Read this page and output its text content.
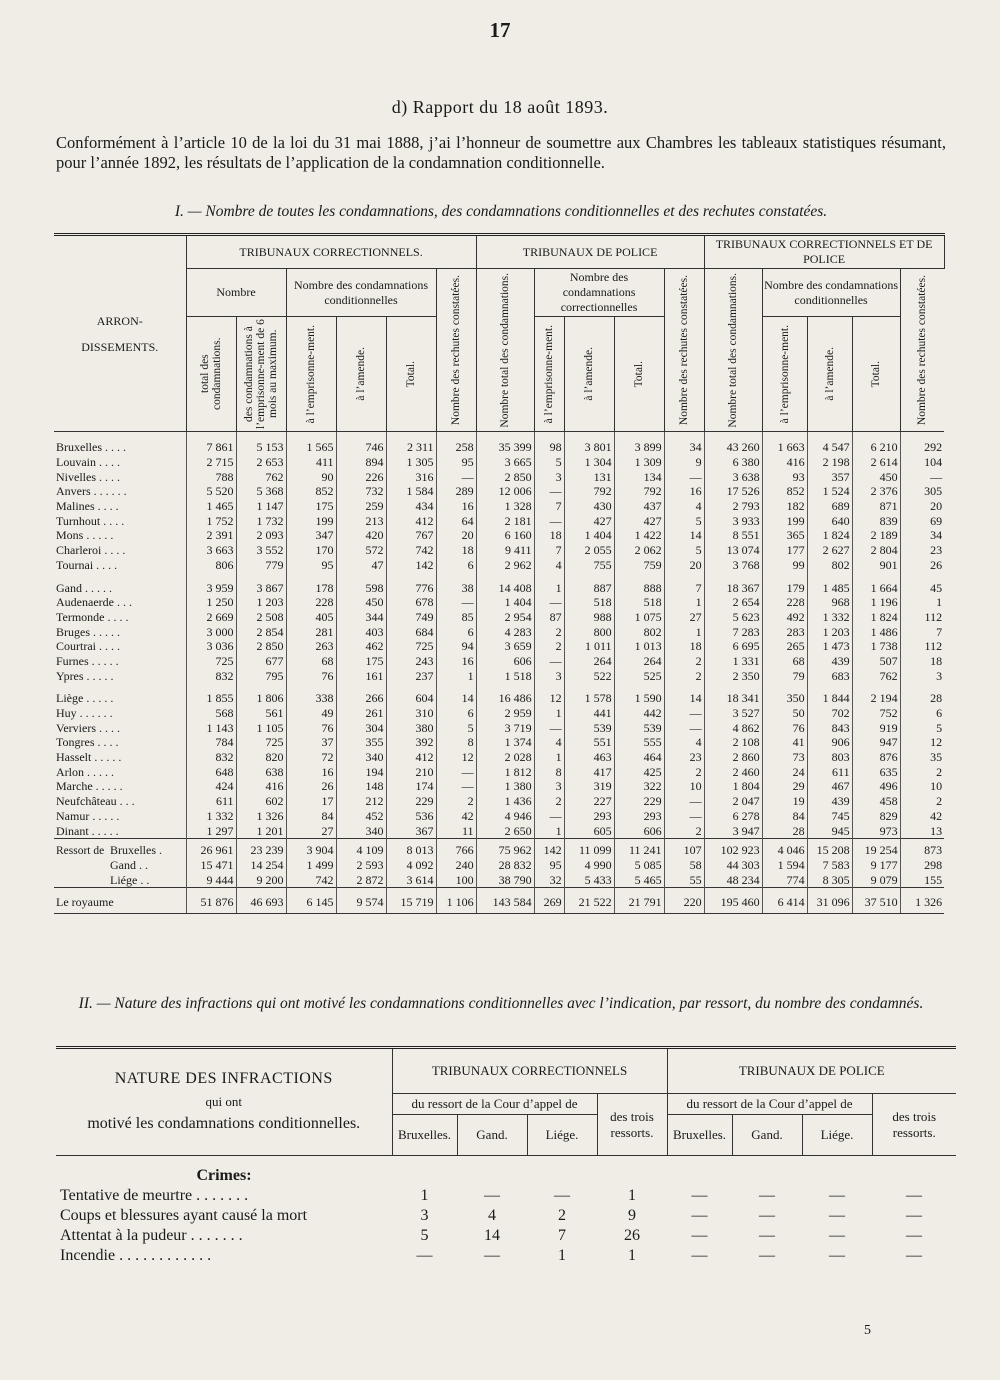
17
d) Rapport du 18 août 1893.
Conformément à l’article 10 de la loi du 31 mai 1888, j’ai l’honneur de soumettre aux Chambres les tableaux statistiques résumant, pour l’année 1892, les résultats de l’application de la condamnation conditionnelle.
I. — Nombre de toutes les condamnations, des condamnations conditionnelles et des rechutes constatées.
ARRON-
DISSEMENTS.	TRIBUNAUX CORRECTIONNELS.						TRIBUNAUX DE POLICE					TRIBUNAUX CORRECTIONNELS ET DE POLICE				
	Nombre		Nombre des condamnations conditionnelles			Nombre des rechutes constatées.	Nombre total des condamnations.	Nombre des condamnations correctionnelles			Nombre des rechutes constatées.	Nombre total des condamnations.	Nombre des condamnations conditionnelles			Nombre des rechutes constatées.

	total des condamnations.	des condamnations à l’emprisonne-ment de 6 mois au maximum.	à l’emprisonne-ment.	à l’amende.	Total.			à l’emprisonne-ment.	à l’amende.	Total.			à l’emprisonne-ment.	à l’amende.	Total.	

Bruxelles . . . .	7 861	5 153	1 565	746	2 311	258	35 399	98	3 801	3 899	34	43 260	1 663	4 547	6 210	292
Louvain . . . .	2 715	2 653	411	894	1 305	95	3 665	5	1 304	1 309	9	6 380	416	2 198	2 614	104
Nivelles . . . .	788	762	90	226	316	—	2 850	3	131	134	—	3 638	93	357	450	—
Anvers . . . . . .	5 520	5 368	852	732	1 584	289	12 006	—	792	792	16	17 526	852	1 524	2 376	305
Malines . . . .	1 465	1 147	175	259	434	16	1 328	7	430	437	4	2 793	182	689	871	20
Turnhout . . . .	1 752	1 732	199	213	412	64	2 181	—	427	427	5	3 933	199	640	839	69
Mons . . . . .	2 391	2 093	347	420	767	20	6 160	18	1 404	1 422	14	8 551	365	1 824	2 189	34
Charleroi . . . .	3 663	3 552	170	572	742	18	9 411	7	2 055	2 062	5	13 074	177	2 627	2 804	23
Tournai . . . .	806	779	95	47	142	6	2 962	4	755	759	20	3 768	99	802	901	26
Gand . . . . .	3 959	3 867	178	598	776	38	14 408	1	887	888	7	18 367	179	1 485	1 664	45
Audenaerde . . .	1 250	1 203	228	450	678	—	1 404	—	518	518	1	2 654	228	968	1 196	1
Termonde . . . .	2 669	2 508	405	344	749	85	2 954	87	988	1 075	27	5 623	492	1 332	1 824	112
Bruges . . . . .	3 000	2 854	281	403	684	6	4 283	2	800	802	1	7 283	283	1 203	1 486	7
Courtrai . . . .	3 036	2 850	263	462	725	94	3 659	2	1 011	1 013	18	6 695	265	1 473	1 738	112
Furnes . . . . .	725	677	68	175	243	16	606	—	264	264	2	1 331	68	439	507	18
Ypres . . . . .	832	795	76	161	237	1	1 518	3	522	525	2	2 350	79	683	762	3
Liège . . . . .	1 855	1 806	338	266	604	14	16 486	12	1 578	1 590	14	18 341	350	1 844	2 194	28
Huy . . . . . .	568	561	49	261	310	6	2 959	1	441	442	—	3 527	50	702	752	6
Verviers . . . .	1 143	1 105	76	304	380	5	3 719	—	539	539	—	4 862	76	843	919	5
Tongres . . . .	784	725	37	355	392	8	1 374	4	551	555	4	2 108	41	906	947	12
Hasselt . . . . .	832	820	72	340	412	12	2 028	1	463	464	23	2 860	73	803	876	35
Arlon . . . . .	648	638	16	194	210	—	1 812	8	417	425	2	2 460	24	611	635	2
Marche . . . . .	424	416	26	148	174	—	1 380	3	319	322	10	1 804	29	467	496	10
Neufchâteau . . .	611	602	17	212	229	2	1 436	2	227	229	—	2 047	19	439	458	2
Namur . . . . .	1 332	1 326	84	452	536	42	4 946	—	293	293	—	6 278	84	745	829	42
Dinant . . . . .	1 297	1 201	27	340	367	11	2 650	1	605	606	2	3 947	28	945	973	13
Ressort de Bruxelles .	26 961	23 239	3 904	4 109	8 013	766	75 962	142	11 099	11 241	107	102 923	4 046	15 208	19 254	873
Gand . .	15 471	14 254	1 499	2 593	4 092	240	28 832	95	4 990	5 085	58	44 303	1 594	7 583	9 177	298
Liége . .	9 444	9 200	742	2 872	3 614	100	38 790	32	5 433	5 465	55	48 234	774	8 305	9 079	155
Le royaume	51 876	46 693	6 145	9 574	15 719	1 106	143 584	269	21 522	21 791	220	195 460	6 414	31 096	37 510	1 326
II. — Nature des infractions qui ont motivé les condamnations conditionnelles avec l’indication, par ressort, du nombre des condamnés.
NATURE DES INFRACTIONS
qui ont
motivé les condamnations conditionnelles.	TRIBUNAUX CORRECTIONNELS				TRIBUNAUX DE POLICE			
	du ressort de la Cour d’appel de			des trois ressorts.	du ressort de la Cour d’appel de			des trois ressorts.
	Bruxelles.	Gand.	Liége.		Bruxelles.	Gand.	Liége.	
Crimes:								
Tentative de meurtre . . . . . . .	1	—	—	1	—	—	—	—
Coups et blessures ayant causé la mort	3	4	2	9	—	—	—	—
Attentat à la pudeur . . . . . . .	5	14	7	26	—	—	—	—
Incendie . . . . . . . . . . . .	—	—	1	1	—	—	—	—
5
